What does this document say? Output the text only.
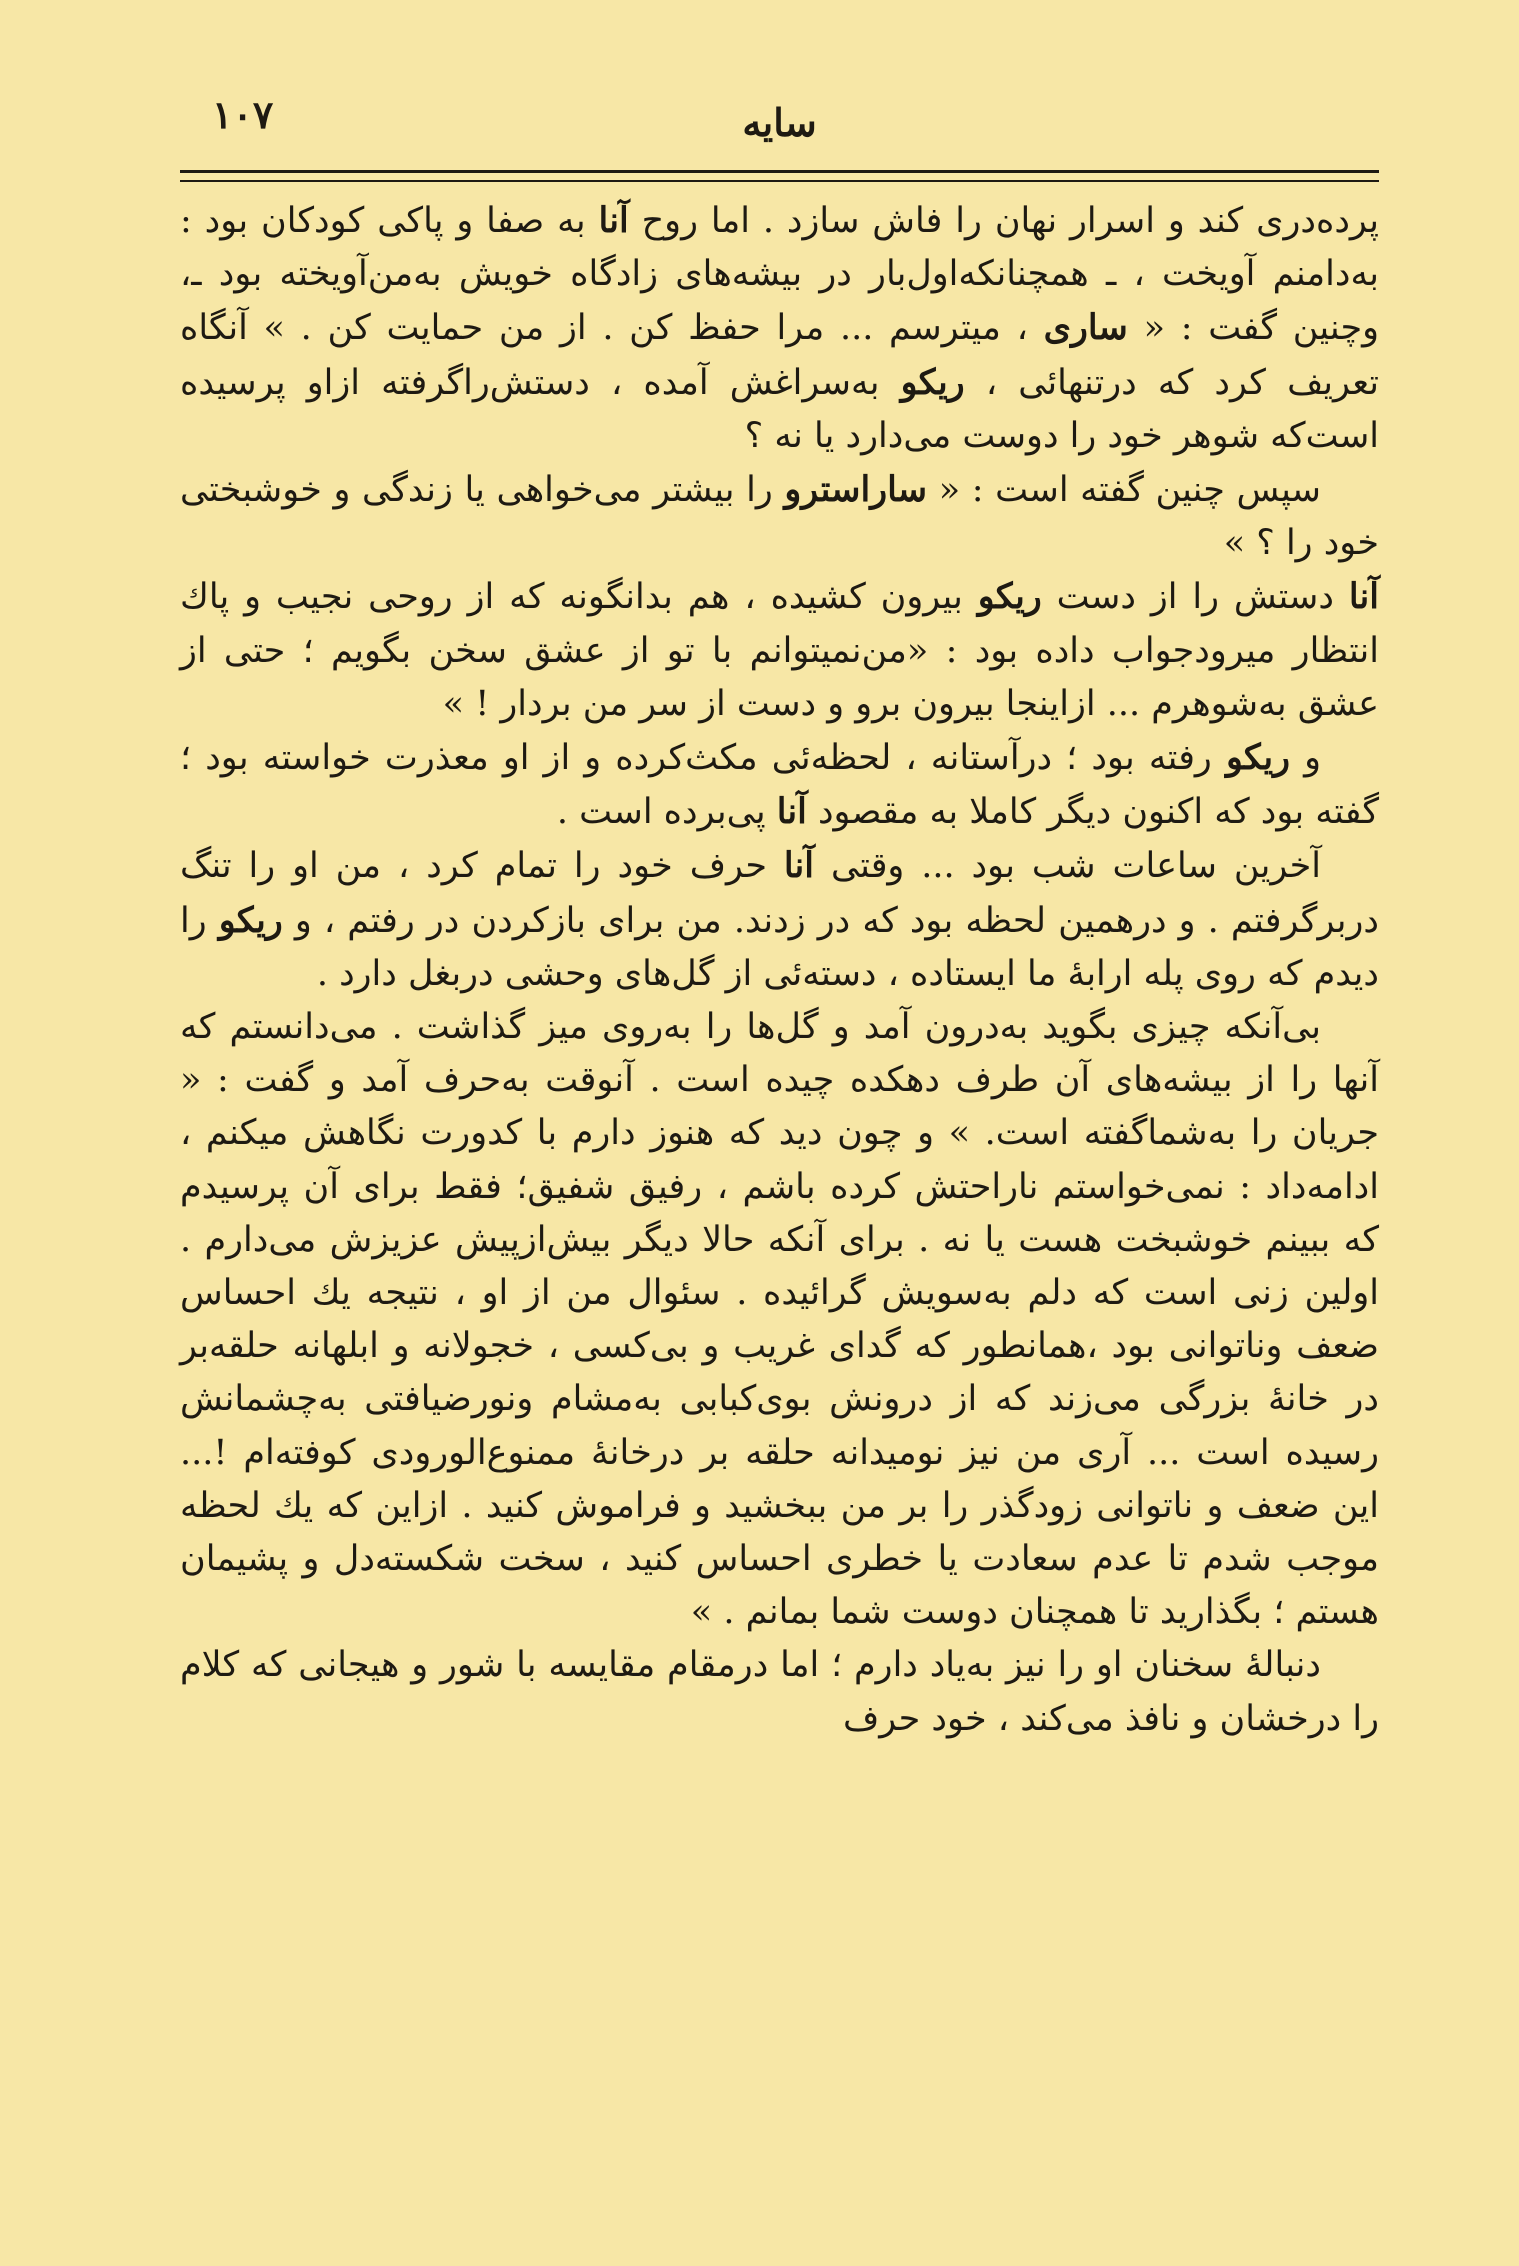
۱۰۷	سایه

پرده‌دری کند و اسرار نهان را فاش سازد . اما روح آنا به صفا و پاکی کودکان بود : به‌دامنم آویخت ، ـ همچنانکه‌اول‌بار در بیشه‌های زادگاه خویش به‌من‌آویخته بود ـ، وچنین گفت : « ساری ، میترسم ... مرا حفظ کن . از من حمایت کن . » آنگاه تعریف کرد که درتنهائی ، ریکو به‌سراغش آمده ، دستش‌راگرفته ازاو پرسیده است‌که شوهر خود را دوست می‌دارد یا نه ؟

سپس چنین گفته است : « ساراسترو را بیشتر می‌خواهی یا زندگی و خوشبختی خود را ؟ »

آنا دستش را از دست ریکو بیرون کشیده ، هم بدانگونه که از روحی نجیب و پاك انتظار میرودجواب داده بود : «من‌نمیتوانم با تو از عشق سخن بگویم ؛ حتی از عشق به‌شوهرم ... ازاینجا بیرون برو و دست از سر من بردار ! »

و ریکو رفته بود ؛ درآستانه ، لحظه‌ئی مکث‌کرده و از او معذرت خواسته بود ؛ گفته بود که اکنون دیگر کاملا به مقصود آنا پی‌برده است .

آخرین ساعات شب بود ... وقتی آنا حرف خود را تمام کرد ، من او را تنگ دربرگرفتم . و درهمین لحظه بود که در زدند. من برای بازکردن در رفتم ، و ریکو را دیدم که روی پله ارابهٔ ما ایستاده ، دسته‌ئی از گل‌های وحشی دربغل دارد .

بی‌آنکه چیزی بگوید به‌درون آمد و گل‌ها را به‌روی میز گذاشت . می‌دانستم که آنها را از بیشه‌های آن طرف دهکده چیده است . آنوقت به‌حرف آمد و گفت : « جریان را به‌شماگفته است. » و چون دید که هنوز دارم با کدورت نگاهش میکنم ، ادامه‌داد : نمی‌خواستم ناراحتش کرده باشم ، رفیق شفیق؛ فقط برای آن پرسیدم که ببینم خوشبخت هست یا نه . برای آنکه حالا دیگر بیش‌ازپیش عزیزش می‌دارم . اولین زنی است که دلم به‌سویش گرائیده . سئوال من از او ، نتیجه یك احساس ضعف وناتوانی بود ،همانطور که گدای غریب و بی‌کسی ، خجولانه و ابلهانه حلقه‌بر در خانهٔ بزرگی می‌زند که از درونش بوی‌کبابی به‌مشام ونورضیافتی به‌چشمانش رسیده است ... آری من نیز نومیدانه حلقه بر درخانهٔ ممنوع‌الورودی کوفته‌ام !... این ضعف و ناتوانی زودگذر را بر من ببخشید و فراموش کنید . ازاین که یك لحظه موجب شدم تا عدم سعادت یا خطری احساس کنید ، سخت شکسته‌دل و پشیمان هستم ؛ بگذارید تا همچنان دوست شما بمانم . »

دنبالهٔ سخنان او را نیز به‌یاد دارم ؛ اما درمقام مقایسه با شور و هیجانی که کلام را درخشان و نافذ می‌کند ، خود حرف
